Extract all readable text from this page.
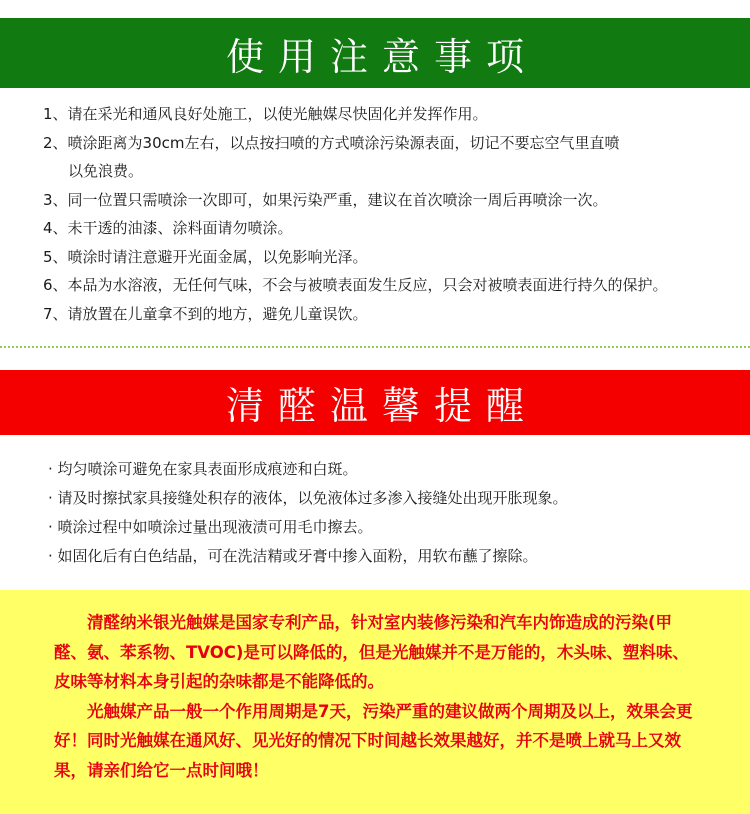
使用注意事项
1、请在采光和通风良好处施工，以使光触媒尽快固化并发挥作用。
2、喷涂距离为30cm左右，以点按扫喷的方式喷涂污染源表面，切记不要忘空气里直喷
以免浪费。
3、同一位置只需喷涂一次即可，如果污染严重，建议在首次喷涂一周后再喷涂一次。
4、未干透的油漆、涂料面请勿喷涂。
5、喷涂时请注意避开光面金属，以免影响光泽。
6、本品为水溶液，无任何气味，不会与被喷表面发生反应，只会对被喷表面进行持久的保护。
7、请放置在儿童拿不到的地方，避免儿童误饮。
清醛温馨提醒
· 均匀喷涂可避免在家具表面形成痕迹和白斑。
· 请及时擦拭家具接缝处积存的液体，以免液体过多渗入接缝处出现开胀现象。
· 喷涂过程中如喷涂过量出现液渍可用毛巾擦去。
· 如固化后有白色结晶，可在洗洁精或牙膏中掺入面粉，用软布蘸了擦除。

清醛纳米银光触媒是国家专利产品，针对室内装修污染和汽车内饰造成的污染(甲醛、氨、苯系物、TVOC)是可以降低的，但是光触媒并不是万能的，木头味、塑料味、皮味等材料本身引起的杂味都是不能降低的。

光触媒产品一般一个作用周期是7天，污染严重的建议做两个周期及以上，效果会更好！同时光触媒在通风好、见光好的情况下时间越长效果越好，并不是喷上就马上又效果，请亲们给它一点时间哦！
